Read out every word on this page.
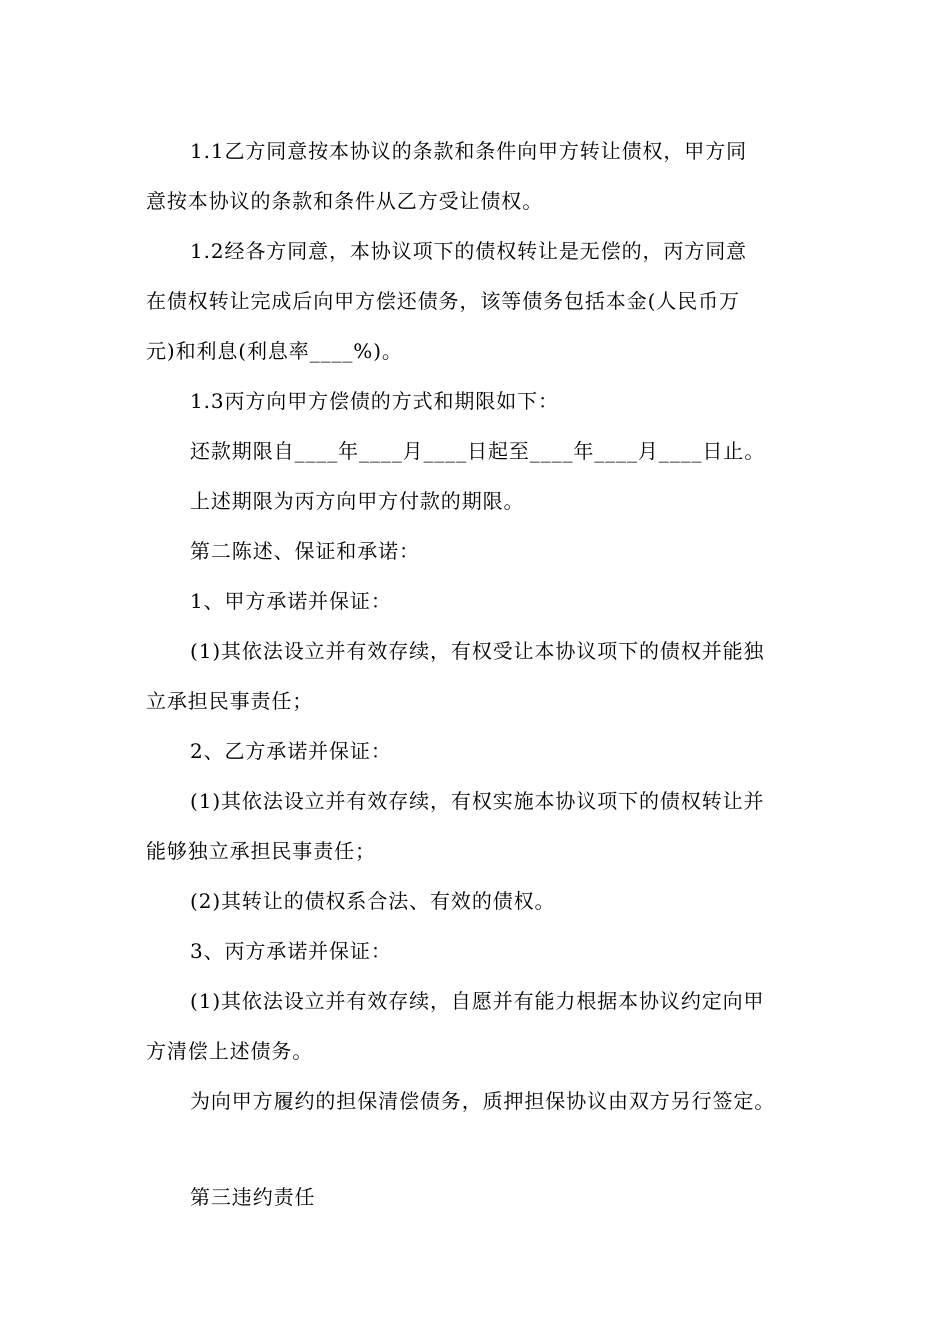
1.1乙方同意按本协议的条款和条件向甲方转让债权，甲方同
意按本协议的条款和条件从乙方受让债权。
1.2经各方同意，本协议项下的债权转让是无偿的，丙方同意
在债权转让完成后向甲方偿还债务，该等债务包括本金(人民币万
元)和利息(利息率____%)。
1.3丙方向甲方偿债的方式和期限如下：
还款期限自____年____月____日起至____年____月____日止。
上述期限为丙方向甲方付款的期限。
第二陈述、保证和承诺：
1、甲方承诺并保证：
(1)其依法设立并有效存续，有权受让本协议项下的债权并能独
立承担民事责任；
2、乙方承诺并保证：
(1)其依法设立并有效存续，有权实施本协议项下的债权转让并
能够独立承担民事责任；
(2)其转让的债权系合法、有效的债权。
3、丙方承诺并保证：
(1)其依法设立并有效存续，自愿并有能力根据本协议约定向甲
方清偿上述债务。
为向甲方履约的担保清偿债务，质押担保协议由双方另行签定。
第三违约责任
